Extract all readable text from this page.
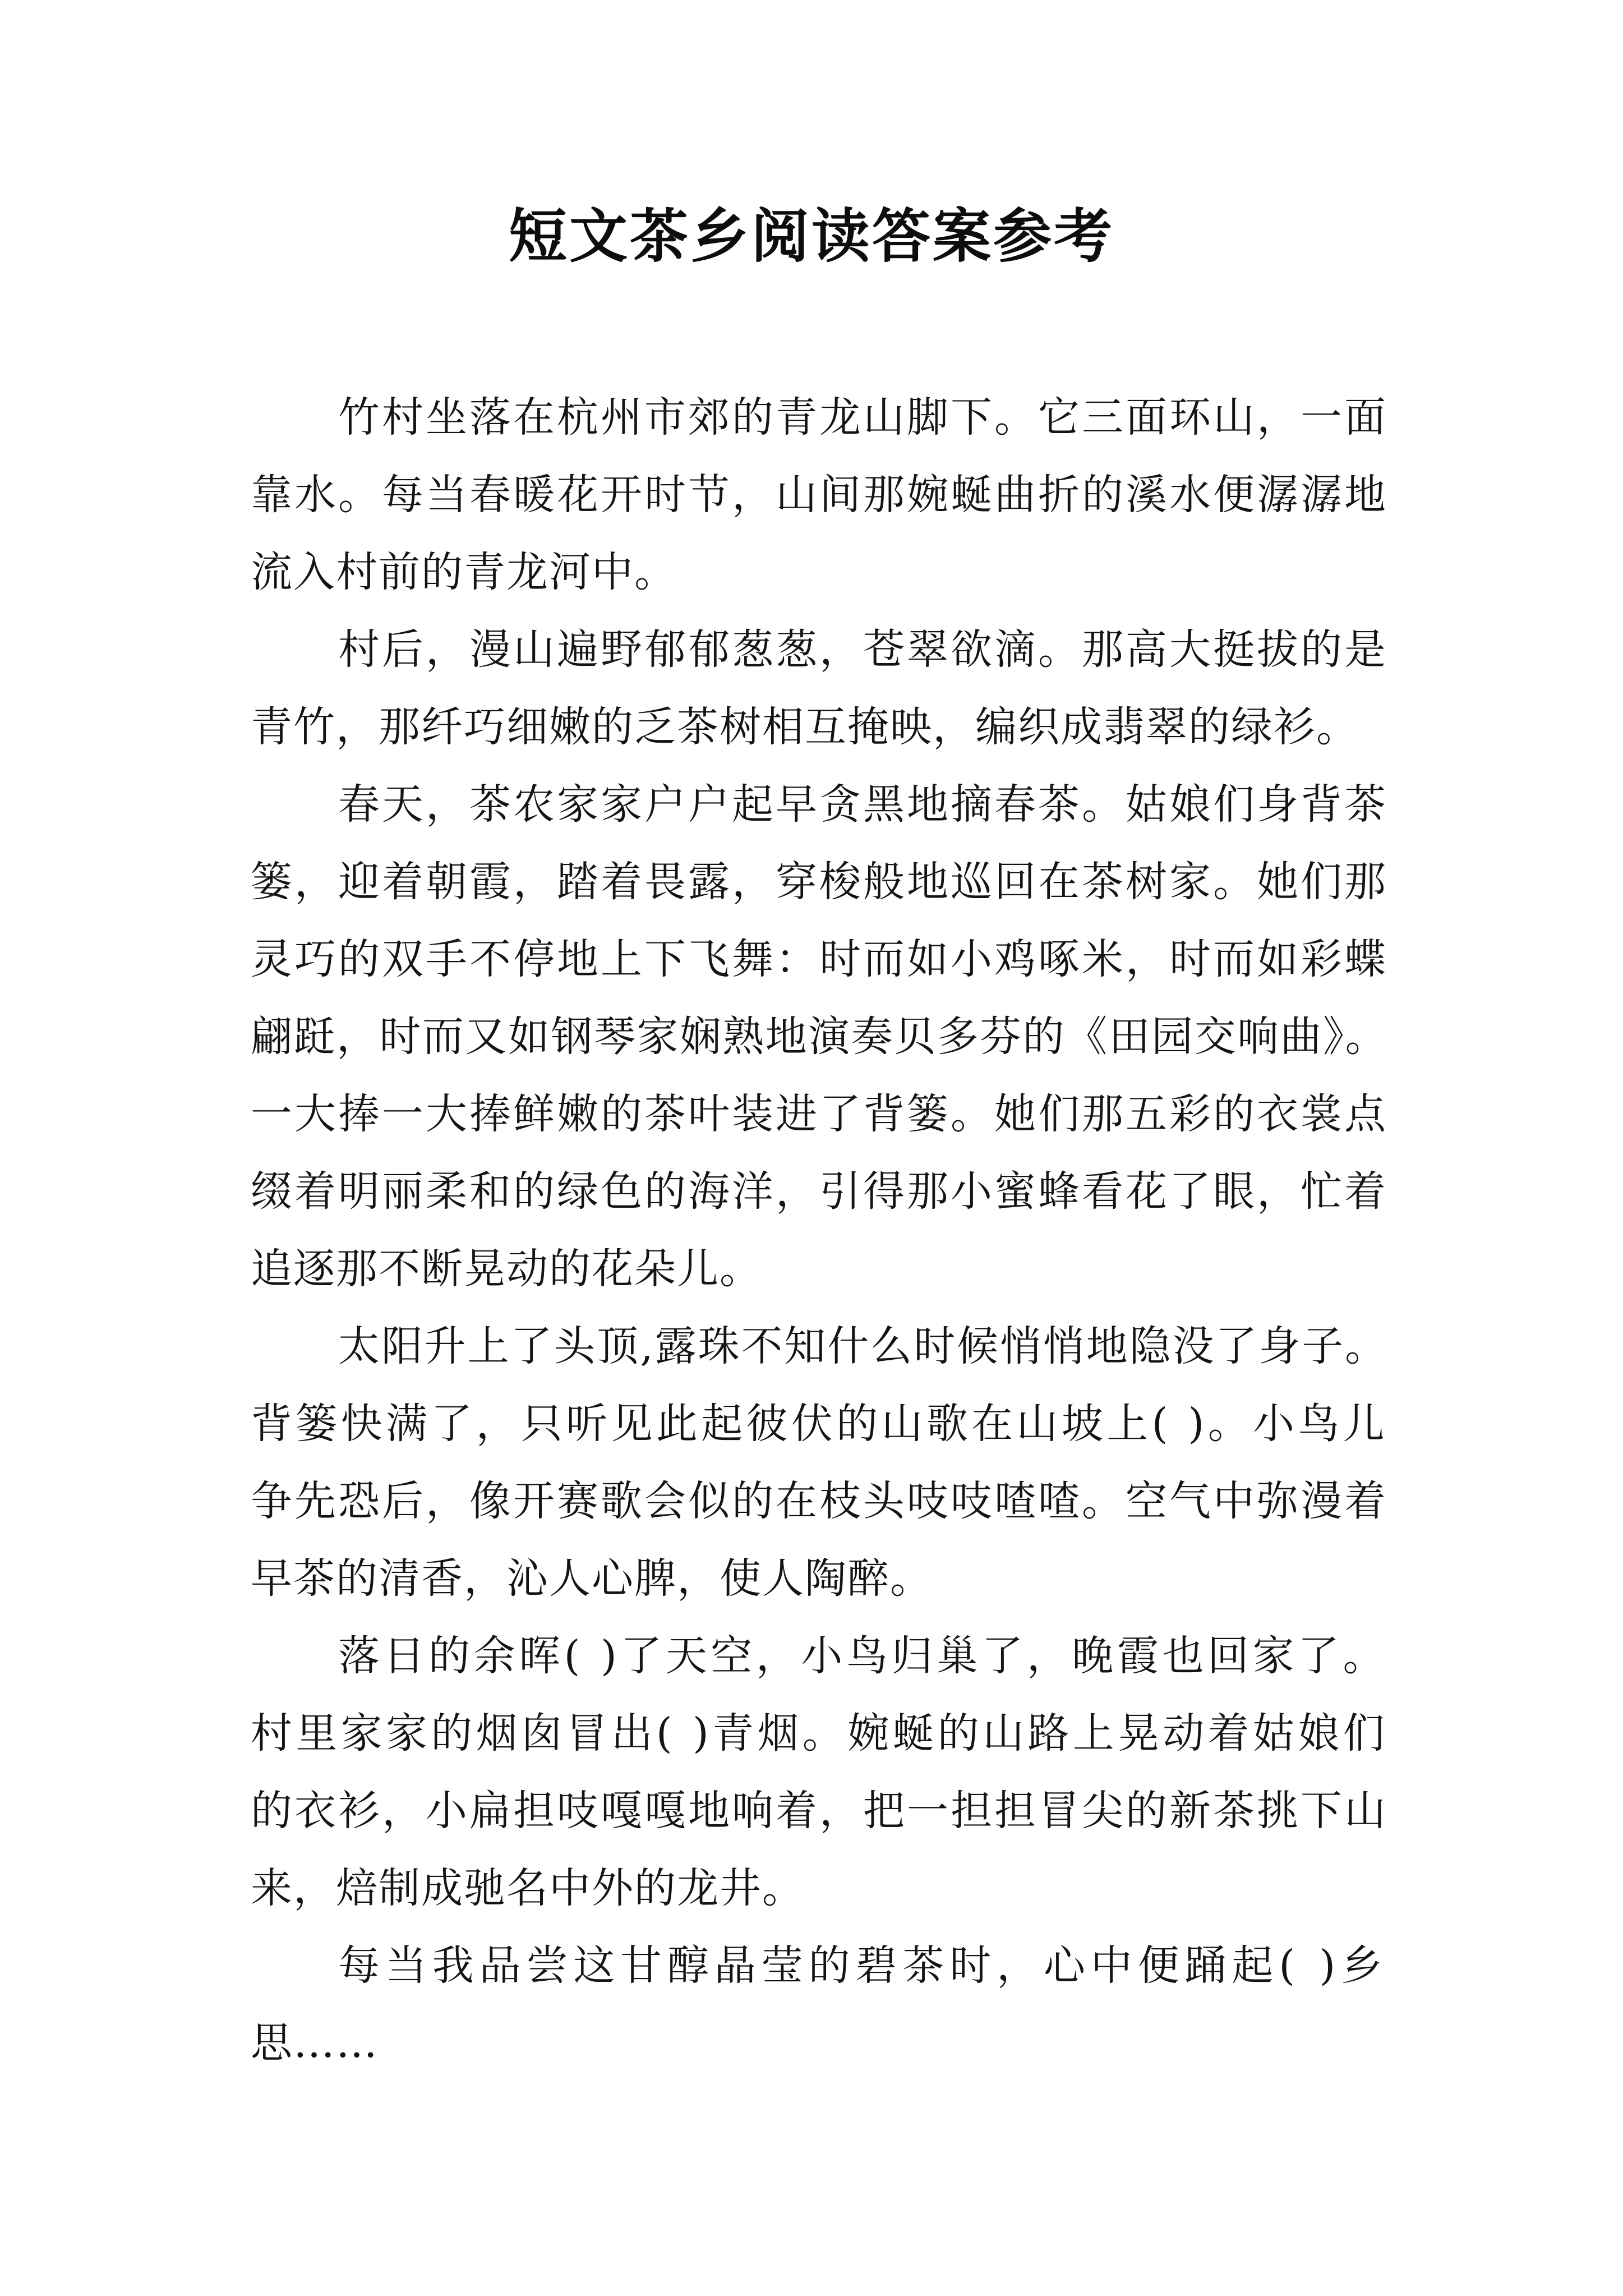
短文茶乡阅读答案参考
竹村坐落在杭州市郊的青龙山脚下。它三面环山，一面
靠水。每当春暖花开时节，山间那婉蜒曲折的溪水便潺潺地
流入村前的青龙河中。
村后，漫山遍野郁郁葱葱，苍翠欲滴。那高大挺拔的是
青竹，那纤巧细嫩的乏茶树相互掩映，编织成翡翠的绿衫。
春天，茶农家家户户起早贪黑地摘春茶。姑娘们身背茶
篓，迎着朝霞，踏着畏露，穿梭般地巡回在茶树家。她们那
灵巧的双手不停地上下飞舞：时而如小鸡啄米，时而如彩蝶
翩跹，时而又如钢琴家娴熟地演奏贝多芬的《田园交响曲》。
一大捧一大捧鲜嫩的茶叶装进了背篓。她们那五彩的衣裳点
缀着明丽柔和的绿色的海洋，引得那小蜜蜂看花了眼，忙着
追逐那不断晃动的花朵儿。
太阳升上了头顶,露珠不知什么时候悄悄地隐没了身子。
背篓快满了，只听见此起彼伏的山歌在山坡上( )。小鸟儿
争先恐后，像开赛歌会似的在枝头吱吱喳喳。空气中弥漫着
早茶的清香，沁人心脾，使人陶醉。
落日的余晖( )了天空，小鸟归巢了，晚霞也回家了。
村里家家的烟囱冒出( )青烟。婉蜒的山路上晃动着姑娘们
的衣衫，小扁担吱嘎嘎地响着，把一担担冒尖的新茶挑下山
来，焙制成驰名中外的龙井。
每当我品尝这甘醇晶莹的碧茶时，心中便踊起( )乡
思……
